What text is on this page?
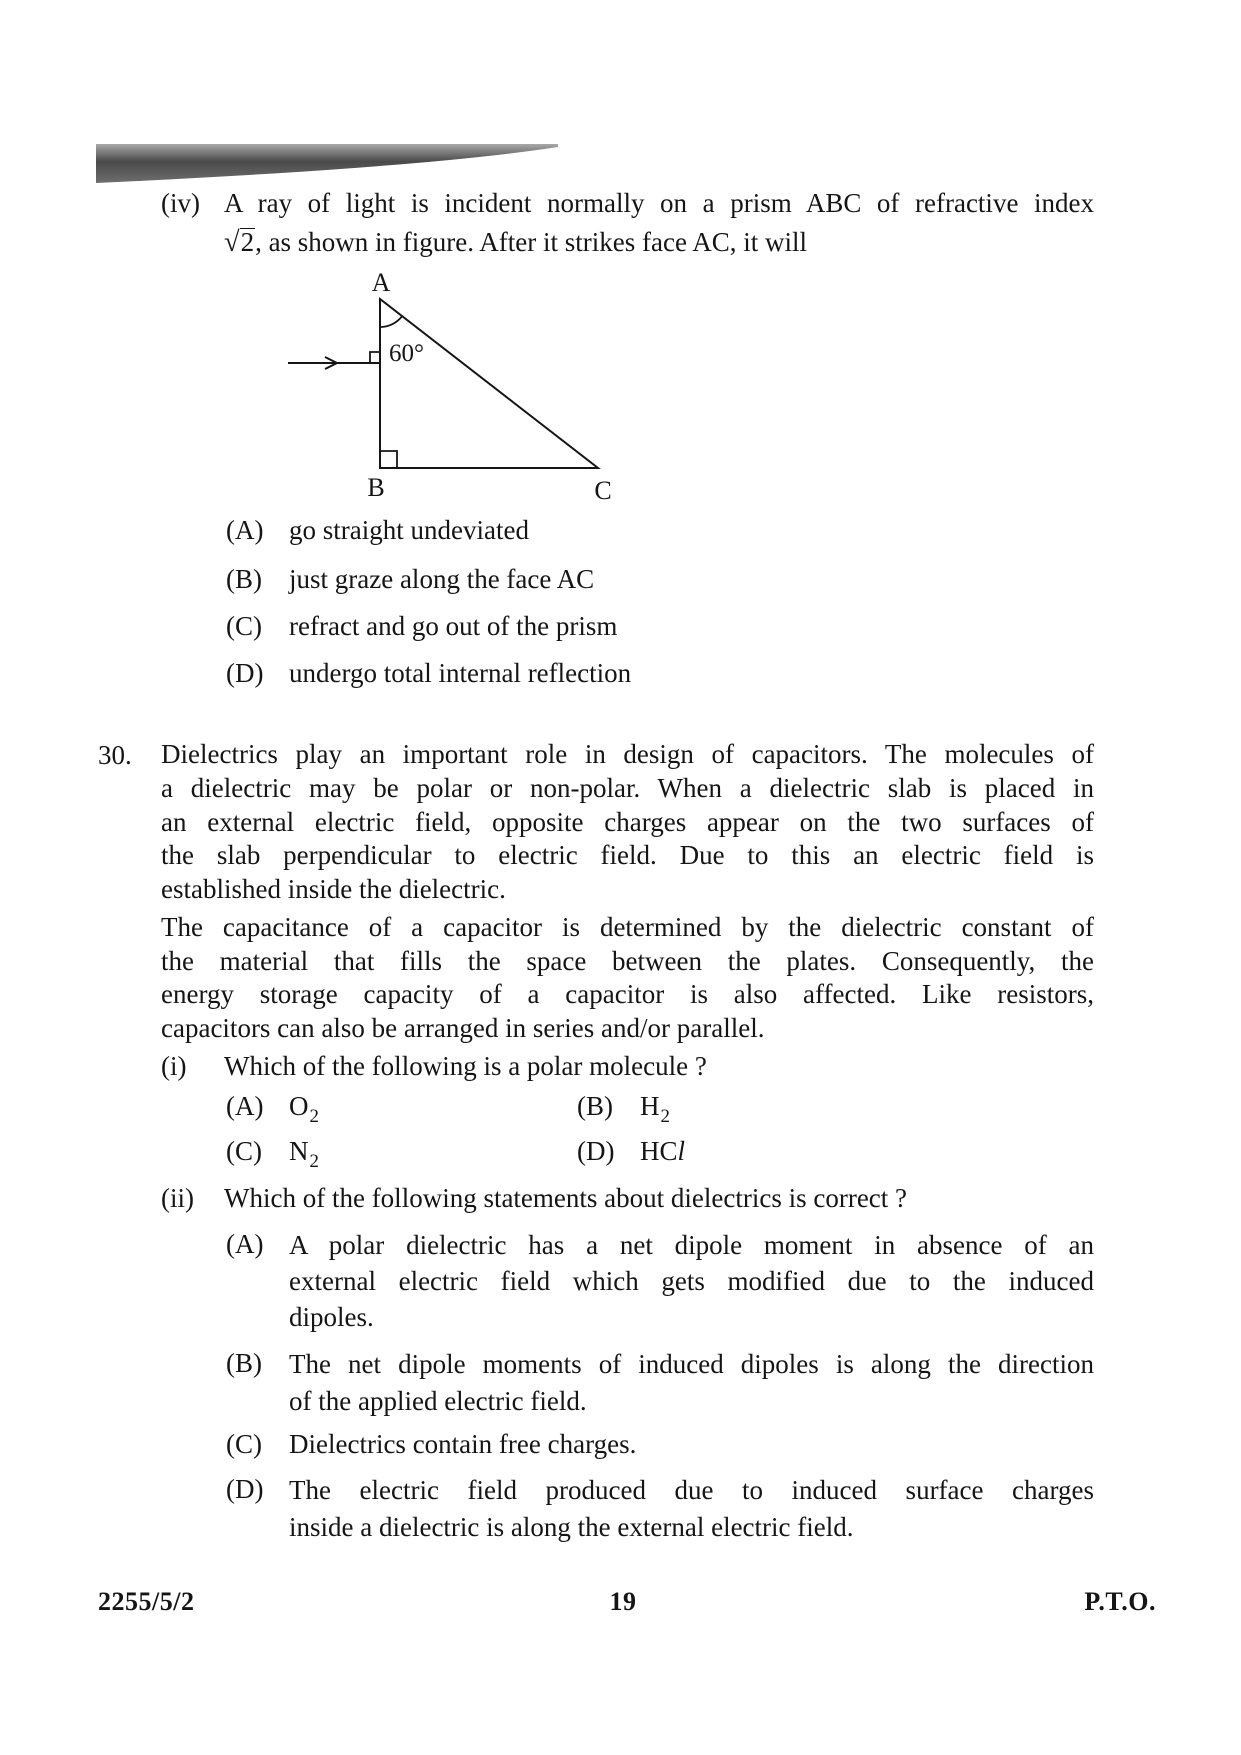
(iv) A ray of light is incident normally on a prism ABC of refractive index
√2, as shown in figure. After it strikes face AC, it will
A
B	C
60°
(A) go straight undeviated
(B) just graze along the face AC
(C) refract and go out of the prism
(D) undergo total internal reflection
30. Dielectrics play an important role in design of capacitors. The molecules of
a dielectric may be polar or non-polar. When a dielectric slab is placed in
an external electric field, opposite charges appear on the two surfaces of
the slab perpendicular to electric field. Due to this an electric field is
established inside the dielectric.
The capacitance of a capacitor is determined by the dielectric constant of
the material that fills the space between the plates. Consequently, the
energy storage capacity of a capacitor is also affected. Like resistors,
capacitors can also be arranged in series and/or parallel.
(i) Which of the following is a polar molecule ?
(A) $O_2$	(B) $H_2$
(C) $N_2$	(D) HCl
(ii) Which of the following statements about dielectrics is correct ?
(A) A polar dielectric has a net dipole moment in absence of an
external electric field which gets modified due to the induced
dipoles.
(B) The net dipole moments of induced dipoles is along the direction
of the applied electric field.
(C) Dielectrics contain free charges.
(D) The electric field produced due to induced surface charges
inside a dielectric is along the external electric field.
2255/5/2	19	P.T.O.
